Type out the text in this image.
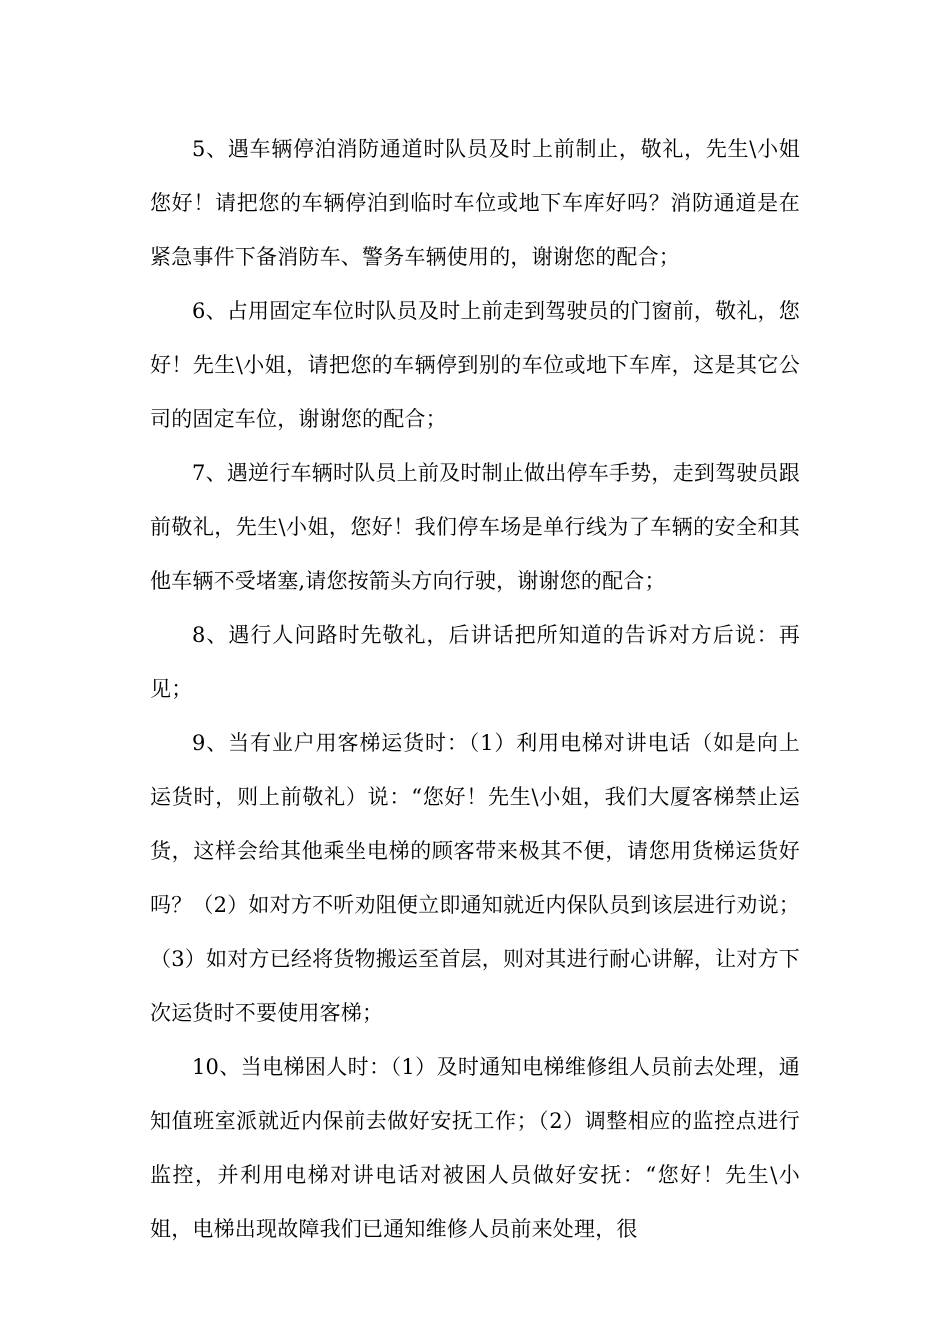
5、遇车辆停泊消防通道时队员及时上前制止，敬礼，先生\小姐您好！请把您的车辆停泊到临时车位或地下车库好吗？消防通道是在紧急事件下备消防车、警务车辆使用的，谢谢您的配合；

6、占用固定车位时队员及时上前走到驾驶员的门窗前，敬礼，您好！先生\小姐，请把您的车辆停到别的车位或地下车库，这是其它公司的固定车位，谢谢您的配合；

7、遇逆行车辆时队员上前及时制止做出停车手势，走到驾驶员跟前敬礼，先生\小姐，您好！我们停车场是单行线为了车辆的安全和其他车辆不受堵塞,请您按箭头方向行驶，谢谢您的配合；

8、遇行人问路时先敬礼，后讲话把所知道的告诉对方后说：再见；

9、当有业户用客梯运货时：（1）利用电梯对讲电话（如是向上运货时，则上前敬礼）说：“您好！先生\小姐，我们大厦客梯禁止运货，这样会给其他乘坐电梯的顾客带来极其不便，请您用货梯运货好吗？（2）如对方不听劝阻便立即通知就近内保队员到该层进行劝说；（3）如对方已经将货物搬运至首层，则对其进行耐心讲解，让对方下次运货时不要使用客梯；

10、当电梯困人时：（1）及时通知电梯维修组人员前去处理，通知值班室派就近内保前去做好安抚工作；（2）调整相应的监控点进行监控，并利用电梯对讲电话对被困人员做好安抚：“您好！先生\小姐，电梯出现故障我们已通知维修人员前来处理，很
